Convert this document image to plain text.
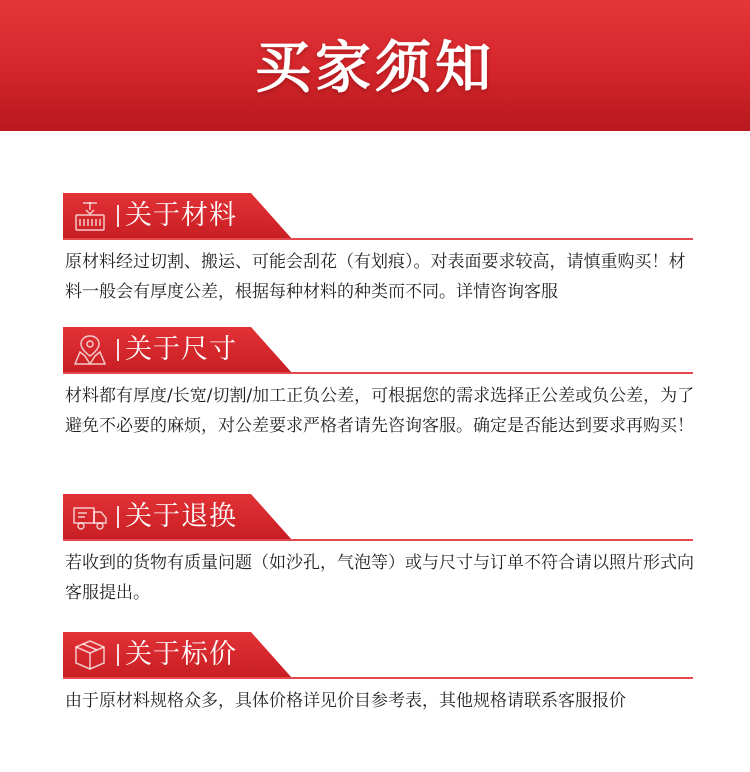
买家须知
关于材料
原材料经过切割、搬运、可能会刮花（有划痕）。对表面要求较高，请慎重购买！材料一般会有厚度公差，根据每种材料的种类而不同。详情咨询客服
关于尺寸
材料都有厚度/长宽/切割/加工正负公差，可根据您的需求选择正公差或负公差，为了避免不必要的麻烦，对公差要求严格者请先咨询客服。确定是否能达到要求再购买！
关于退换
若收到的货物有质量问题（如沙孔，气泡等）或与尺寸与订单不符合请以照片形式向客服提出。
关于标价
由于原材料规格众多，具体价格详见价目参考表，其他规格请联系客服报价
